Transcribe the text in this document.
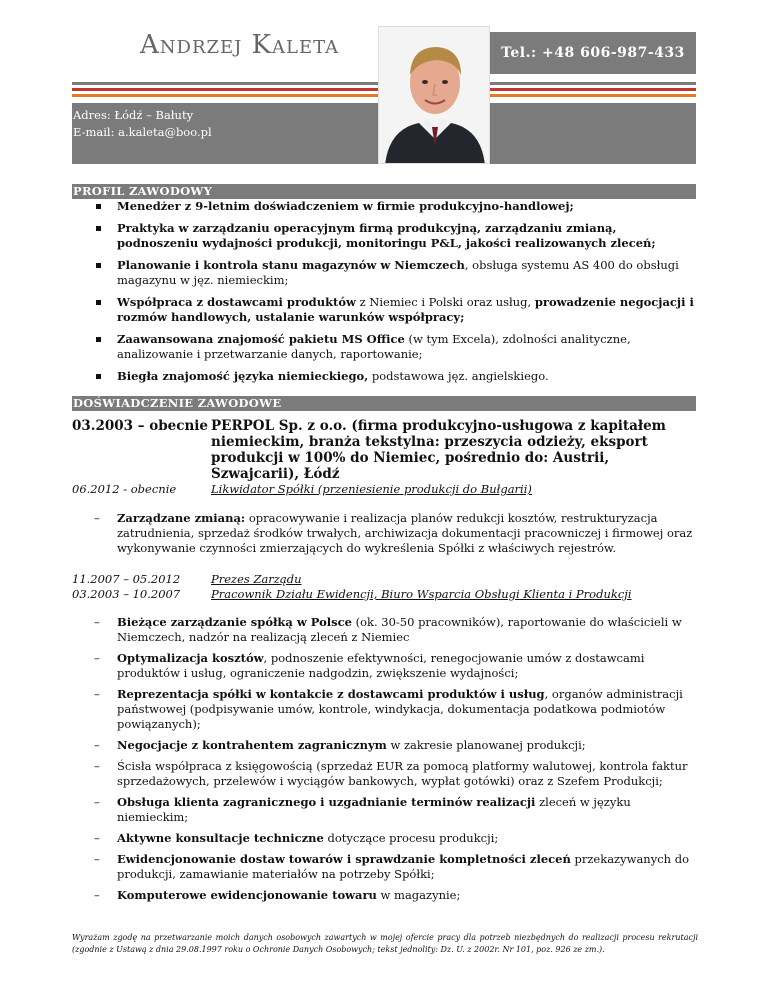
Andrzej Kaleta	Tel.: +48 606-987-433
Adres: Łódź – Bałuty
E-mail: a.kaleta@boo.pl
PROFIL ZAWODOWY
Menedżer z 9-letnim doświadczeniem w firmie produkcyjno-handlowej;
Praktyka w zarządzaniu operacyjnym firmą produkcyjną, zarządzaniu zmianą, podnoszeniu wydajności produkcji, monitoringu P&L, jakości realizowanych zleceń;
Planowanie i kontrola stanu magazynów w Niemczech, obsługa systemu AS 400 do obsługi magazynu w jęz. niemieckim;
Współpraca z dostawcami produktów z Niemiec i Polski oraz usług, prowadzenie negocjacji i rozmów handlowych, ustalanie warunków współpracy;
Zaawansowana znajomość pakietu MS Office (w tym Excela), zdolności analityczne, analizowanie i przetwarzanie danych, raportowanie;
Biegła znajomość języka niemieckiego, podstawowa jęz. angielskiego.
DOŚWIADCZENIE ZAWODOWE
03.2003 – obecnie PERPOL Sp. z o.o. (firma produkcyjno-usługowa z kapitałem niemieckim, branża tekstylna: przeszycia odzieży, eksport produkcji w 100% do Niemiec, pośrednio do: Austrii, Szwajcarii), Łódź
06.2012 - obecnie	Likwidator Spółki (przeniesienie produkcji do Bułgarii)
– Zarządzane zmianą: opracowywanie i realizacja planów redukcji kosztów, restrukturyzacja zatrudnienia, sprzedaż środków trwałych, archiwizacja dokumentacji pracowniczej i firmowej oraz wykonywanie czynności zmierzających do wykreślenia Spółki z właściwych rejestrów.
11.2007 – 05.2012	Prezes Zarządu
03.2003 – 10.2007	Pracownik Działu Ewidencji, Biuro Wsparcia Obsługi Klienta i Produkcji
– Bieżące zarządzanie spółką w Polsce (ok. 30-50 pracowników), raportowanie do właścicieli w Niemczech, nadzór na realizacją zleceń z Niemiec
– Optymalizacja kosztów, podnoszenie efektywności, renegocjowanie umów z dostawcami produktów i usług, ograniczenie nadgodzin, zwiększenie wydajności;
– Reprezentacja spółki w kontakcie z dostawcami produktów i usług, organów administracji państwowej (podpisywanie umów, kontrole, windykacja, dokumentacja podatkowa podmiotów powiązanych);
– Negocjacje z kontrahentem zagranicznym w zakresie planowanej produkcji;
– Ścisła współpraca z księgowością (sprzedaż EUR za pomocą platformy walutowej, kontrola faktur sprzedażowych, przelewów i wyciągów bankowych, wypłat gotówki) oraz z Szefem Produkcji;
– Obsługa klienta zagranicznego i uzgadnianie terminów realizacji zleceń w języku niemieckim;
– Aktywne konsultacje techniczne dotyczące procesu produkcji;
– Ewidencjonowanie dostaw towarów i sprawdzanie kompletności zleceń przekazywanych do produkcji, zamawianie materiałów na potrzeby Spółki;
– Komputerowe ewidencjonowanie towaru w magazynie;
Wyrażam zgodę na przetwarzanie moich danych osobowych zawartych w mojej ofercie pracy dla potrzeb niezbędnych do realizacji procesu rekrutacji (zgodnie z Ustawą z dnia 29.08.1997 roku o Ochronie Danych Osobowych; tekst jednolity: Dz. U. z 2002r. Nr 101, poz. 926 ze zm.).
